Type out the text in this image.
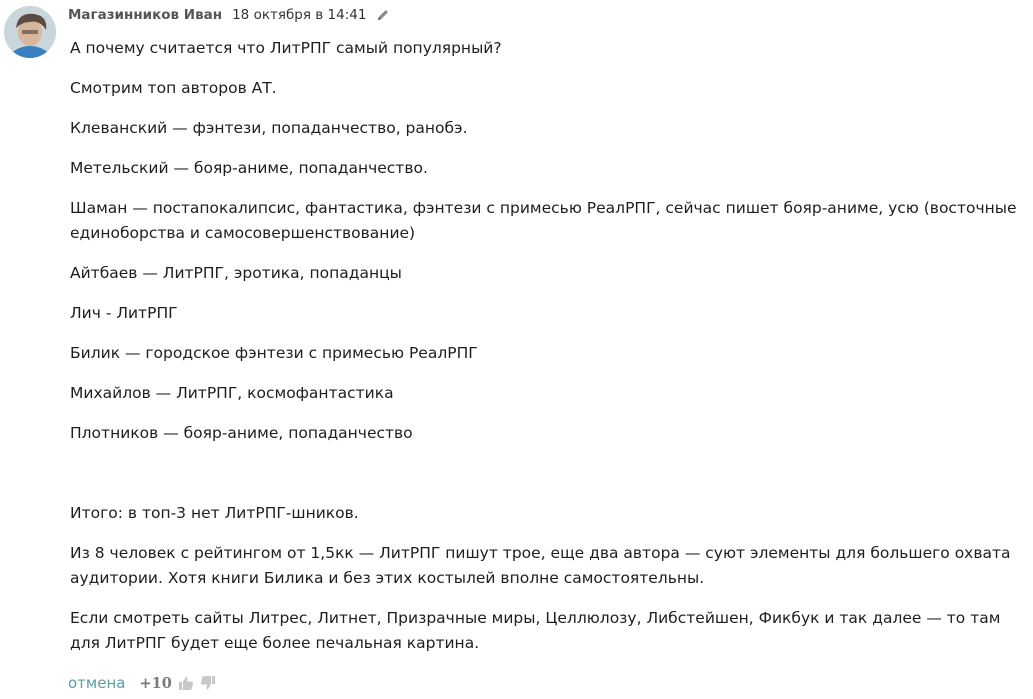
Магазинников Иван 18 октября в 14:41

А почему считается что ЛитРПГ самый популярный?

Смотрим топ авторов АТ.

Клеванский — фэнтези, попаданчество, ранобэ.

Метельский — бояр-аниме, попаданчество.

Шаман — постапокалипсис, фантастика, фэнтези с примесью РеалРПГ, сейчас пишет бояр-аниме, усю (восточные единоборства и самосовершенствование)

Айтбаев — ЛитРПГ, эротика, попаданцы

Лич - ЛитРПГ

Билик — городское фэнтези с примесью РеалРПГ

Михайлов — ЛитРПГ, космофантастика

Плотников — бояр-аниме, попаданчество

Итого: в топ-3 нет ЛитРПГ-шников.

Из 8 человек с рейтингом от 1,5кк — ЛитРПГ пишут трое, еще два автора — суют элементы для большего охвата аудитории. Хотя книги Билика и без этих костылей вполне самостоятельны.

Если смотреть сайты Литрес, Литнет, Призрачные миры, Целлюлозу, Либстейшен, Фикбук и так далее — то там для ЛитРПГ будет еще более печальная картина.

отмена +10
